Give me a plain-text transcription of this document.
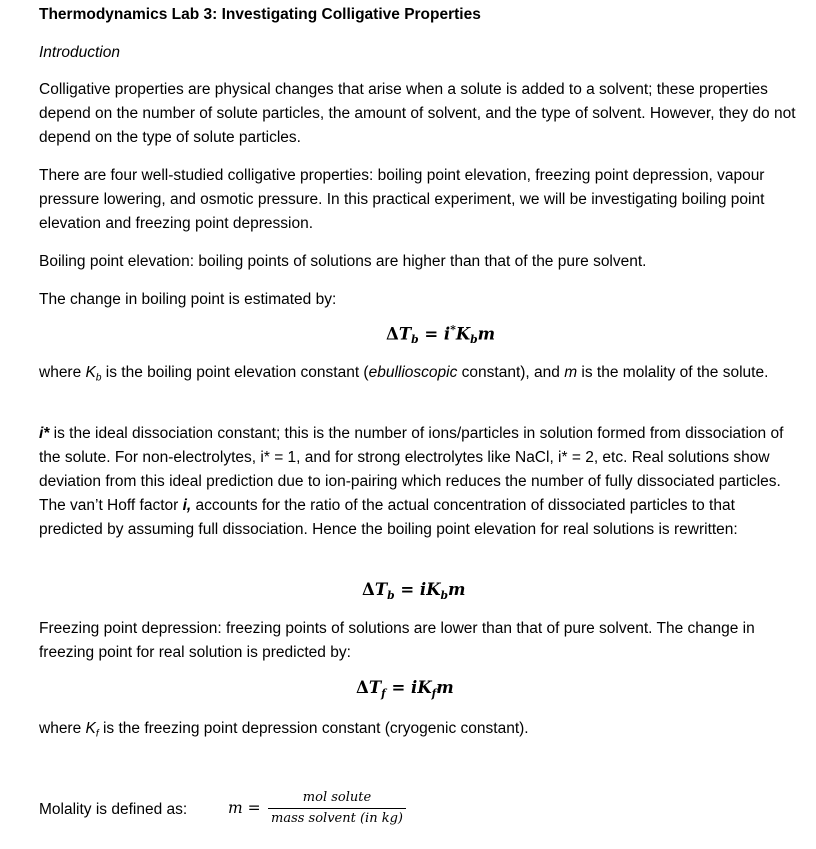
Thermodynamics Lab 3: Investigating Colligative Properties
Introduction
Colligative properties are physical changes that arise when a solute is added to a solvent; these properties depend on the number of solute particles, the amount of solvent, and the type of solvent. However, they do not depend on the type of solute particles.
There are four well-studied colligative properties: boiling point elevation, freezing point depression, vapour pressure lowering, and osmotic pressure. In this practical experiment, we will be investigating boiling point elevation and freezing point depression.
Boiling point elevation: boiling points of solutions are higher than that of the pure solvent.
The change in boiling point is estimated by:
$\Delta T_b = i^*K_bm$
where $K_b$ is the boiling point elevation constant (ebullioscopic constant), and m is the molality of the solute.
i* is the ideal dissociation constant; this is the number of ions/particles in solution formed from dissociation of the solute. For non-electrolytes, i* = 1, and for strong electrolytes like NaCl, i* = 2, etc. Real solutions show deviation from this ideal prediction due to ion-pairing which reduces the number of fully dissociated particles. The van’t Hoff factor i, accounts for the ratio of the actual concentration of dissociated particles to that predicted by assuming full dissociation. Hence the boiling point elevation for real solutions is rewritten:
$\Delta T_b = iK_bm$
Freezing point depression: freezing points of solutions are lower than that of pure solvent. The change in freezing point for real solution is predicted by:
$\Delta T_f = iK_fm$
where $K_f$ is the freezing point depression constant (cryogenic constant).
Molality is defined as:	m =
mol solute
mass solvent (in kg)
